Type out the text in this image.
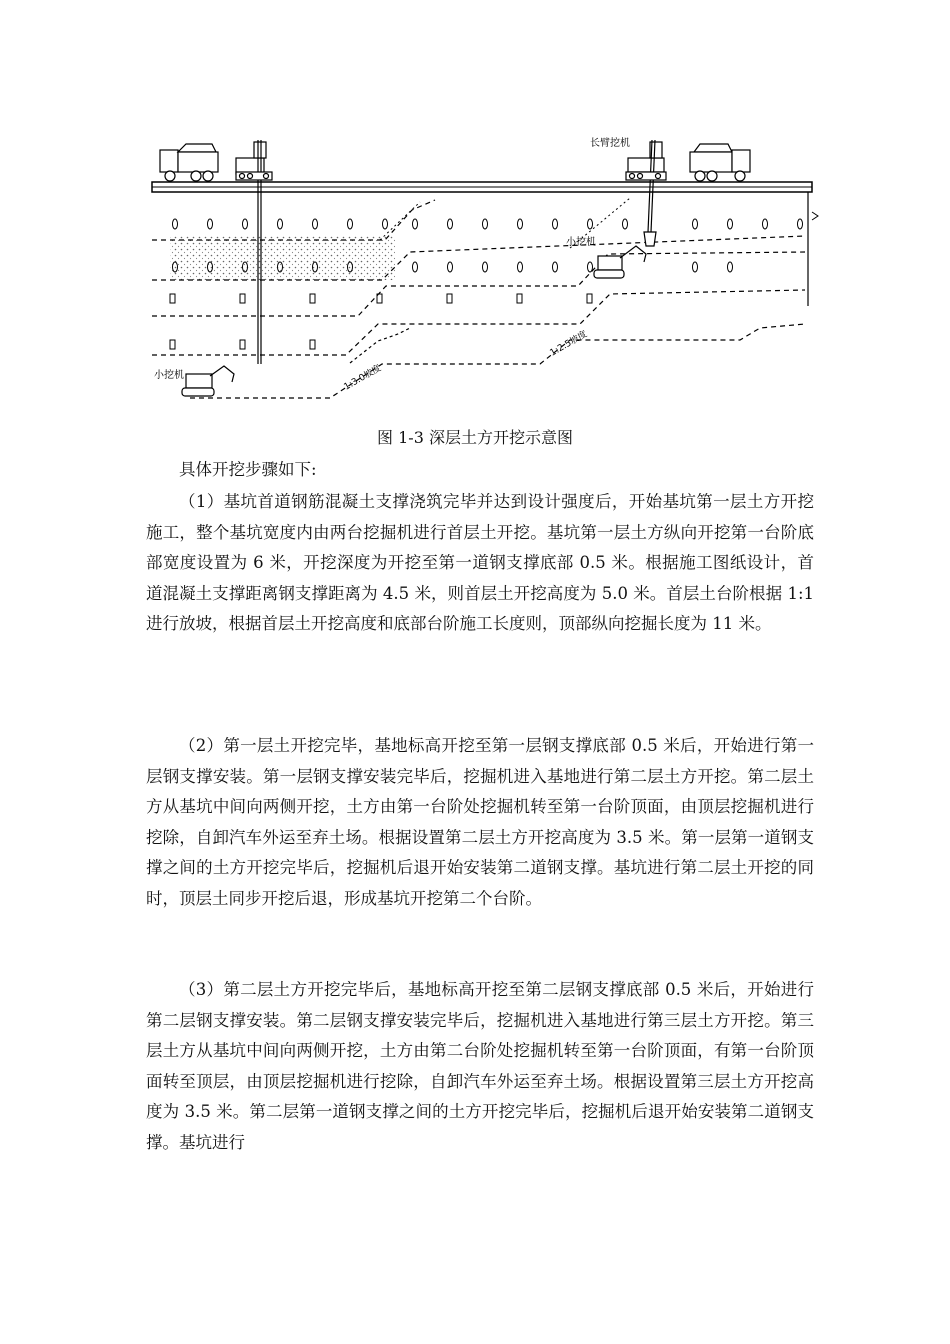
长臂挖机
小挖机
小挖机	1:3.0坡度
1:2.5坡度
图 1-3 深层土方开挖示意图

具体开挖步骤如下:

（1）基坑首道钢筋混凝土支撑浇筑完毕并达到设计强度后，开始基坑第一层土方开挖施工，整个基坑宽度内由两台挖掘机进行首层土开挖。基坑第一层土方纵向开挖第一台阶底部宽度设置为 6 米，开挖深度为开挖至第一道钢支撑底部 0.5 米。根据施工图纸设计，首道混凝土支撑距离钢支撑距离为 4.5 米，则首层土开挖高度为 5.0 米。首层土台阶根据 1:1 进行放坡，根据首层土开挖高度和底部台阶施工长度则，顶部纵向挖掘长度为 11 米。

（2）第一层土开挖完毕，基地标高开挖至第一层钢支撑底部 0.5 米后，开始进行第一层钢支撑安装。第一层钢支撑安装完毕后，挖掘机进入基地进行第二层土方开挖。第二层土方从基坑中间向两侧开挖，土方由第一台阶处挖掘机转至第一台阶顶面，由顶层挖掘机进行挖除，自卸汽车外运至弃土场。根据设置第二层土方开挖高度为 3.5 米。第一层第一道钢支撑之间的土方开挖完毕后，挖掘机后退开始安装第二道钢支撑。基坑进行第二层土开挖的同时，顶层土同步开挖后退，形成基坑开挖第二个台阶。

（3）第二层土方开挖完毕后，基地标高开挖至第二层钢支撑底部 0.5 米后，开始进行第二层钢支撑安装。第二层钢支撑安装完毕后，挖掘机进入基地进行第三层土方开挖。第三层土方从基坑中间向两侧开挖，土方由第二台阶处挖掘机转至第一台阶顶面，有第一台阶顶面转至顶层，由顶层挖掘机进行挖除，自卸汽车外运至弃土场。根据设置第三层土方开挖高度为 3.5 米。第二层第一道钢支撑之间的土方开挖完毕后，挖掘机后退开始安装第二道钢支撑。基坑进行
